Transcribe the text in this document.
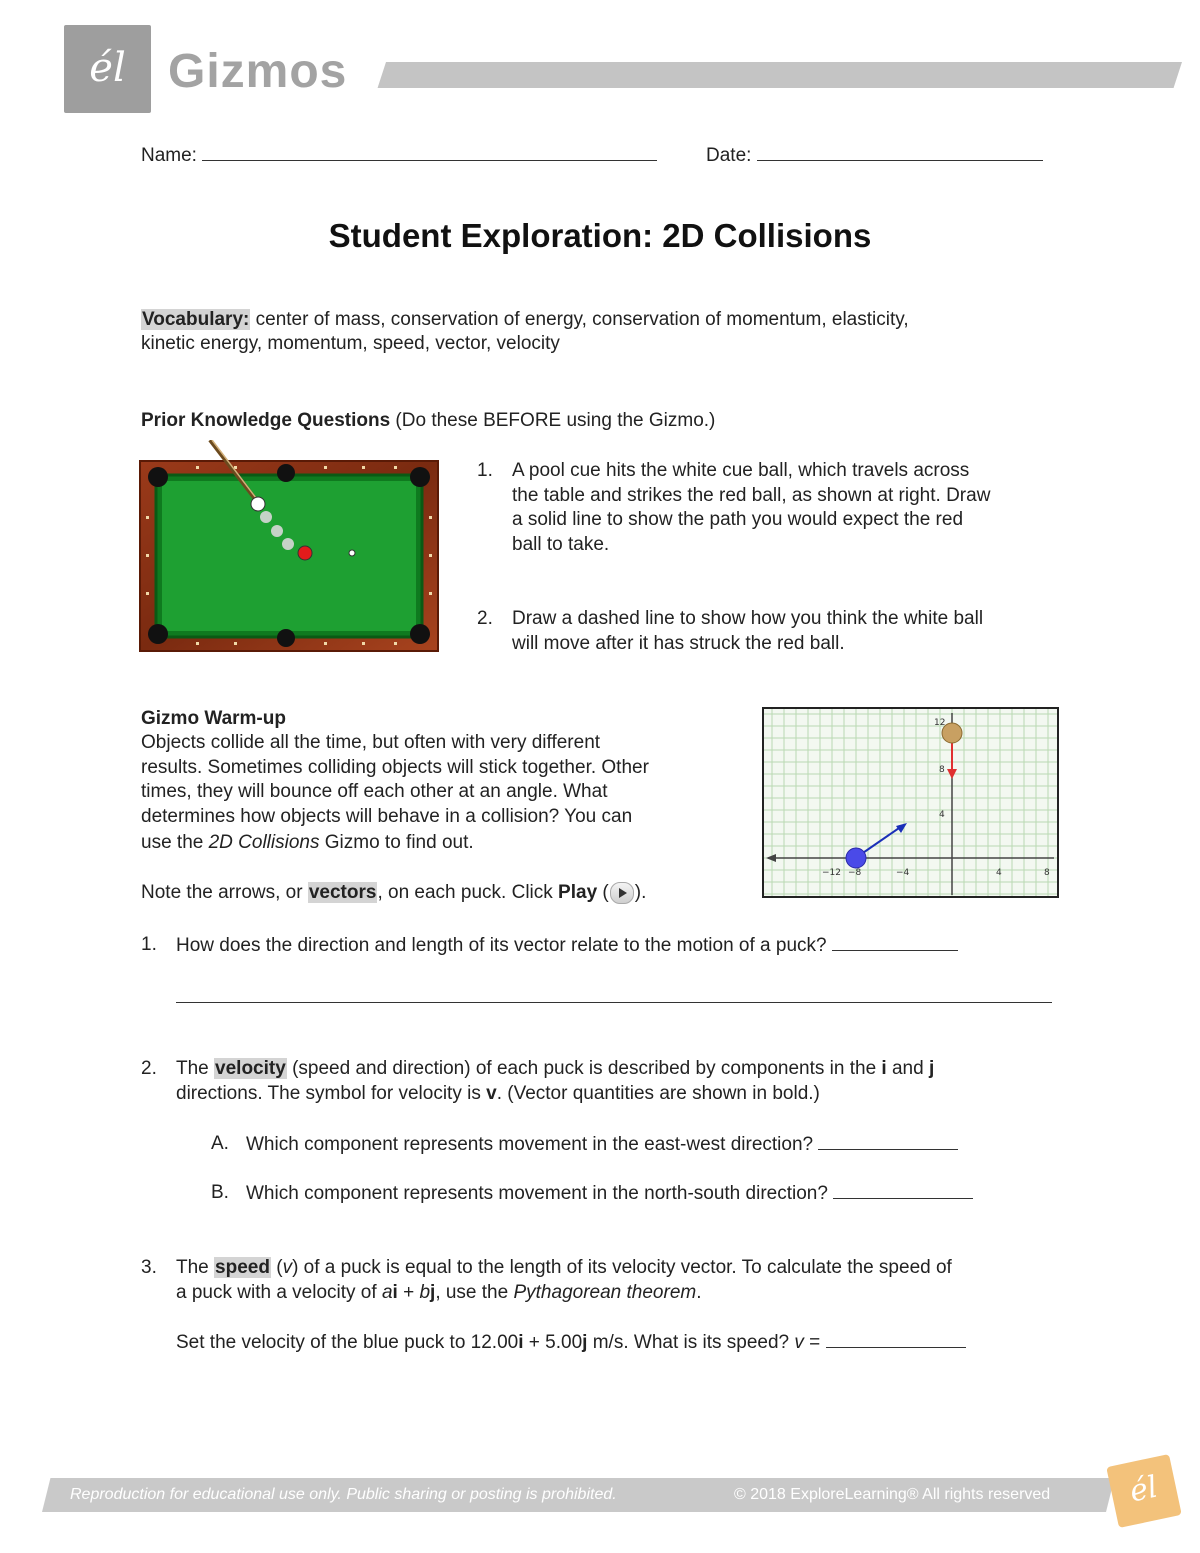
él Gizmos
Name:	Date:
Student Exploration: 2D Collisions
Vocabulary: center of mass, conservation of energy, conservation of momentum, elasticity,
kinetic energy, momentum, speed, vector, velocity
Prior Knowledge Questions (Do these BEFORE using the Gizmo.)
1. A pool cue hits the white cue ball, which travels across
the table and strikes the red ball, as shown at right. Draw
a solid line to show the path you would expect the red
ball to take.
2. Draw a dashed line to show how you think the white ball
will move after it has struck the red ball.
Gizmo Warm-up
Objects collide all the time, but often with very different
results. Sometimes colliding objects will stick together. Other
times, they will bounce off each other at an angle. What
determines how objects will behave in a collision? You can
use the 2D Collisions Gizmo to find out.
Note the arrows, or vectors, on each puck. Click Play ( ).
−12 −8	−4	4	8
12
8
4
1. How does the direction and length of its vector relate to the motion of a puck?
2. The velocity (speed and direction) of each puck is described by components in the i and j
directions. The symbol for velocity is v. (Vector quantities are shown in bold.)
A. Which component represents movement in the east-west direction?
B. Which component represents movement in the north-south direction?
3. The speed (v) of a puck is equal to the length of its velocity vector. To calculate the speed of
a puck with a velocity of ai + bj, use the Pythagorean theorem.
Set the velocity of the blue puck to 12.00i + 5.00j m/s. What is its speed? v =
Reproduction for educational use only. Public sharing or posting is prohibited.	© 2018 ExploreLearning® All rights reserved	él
